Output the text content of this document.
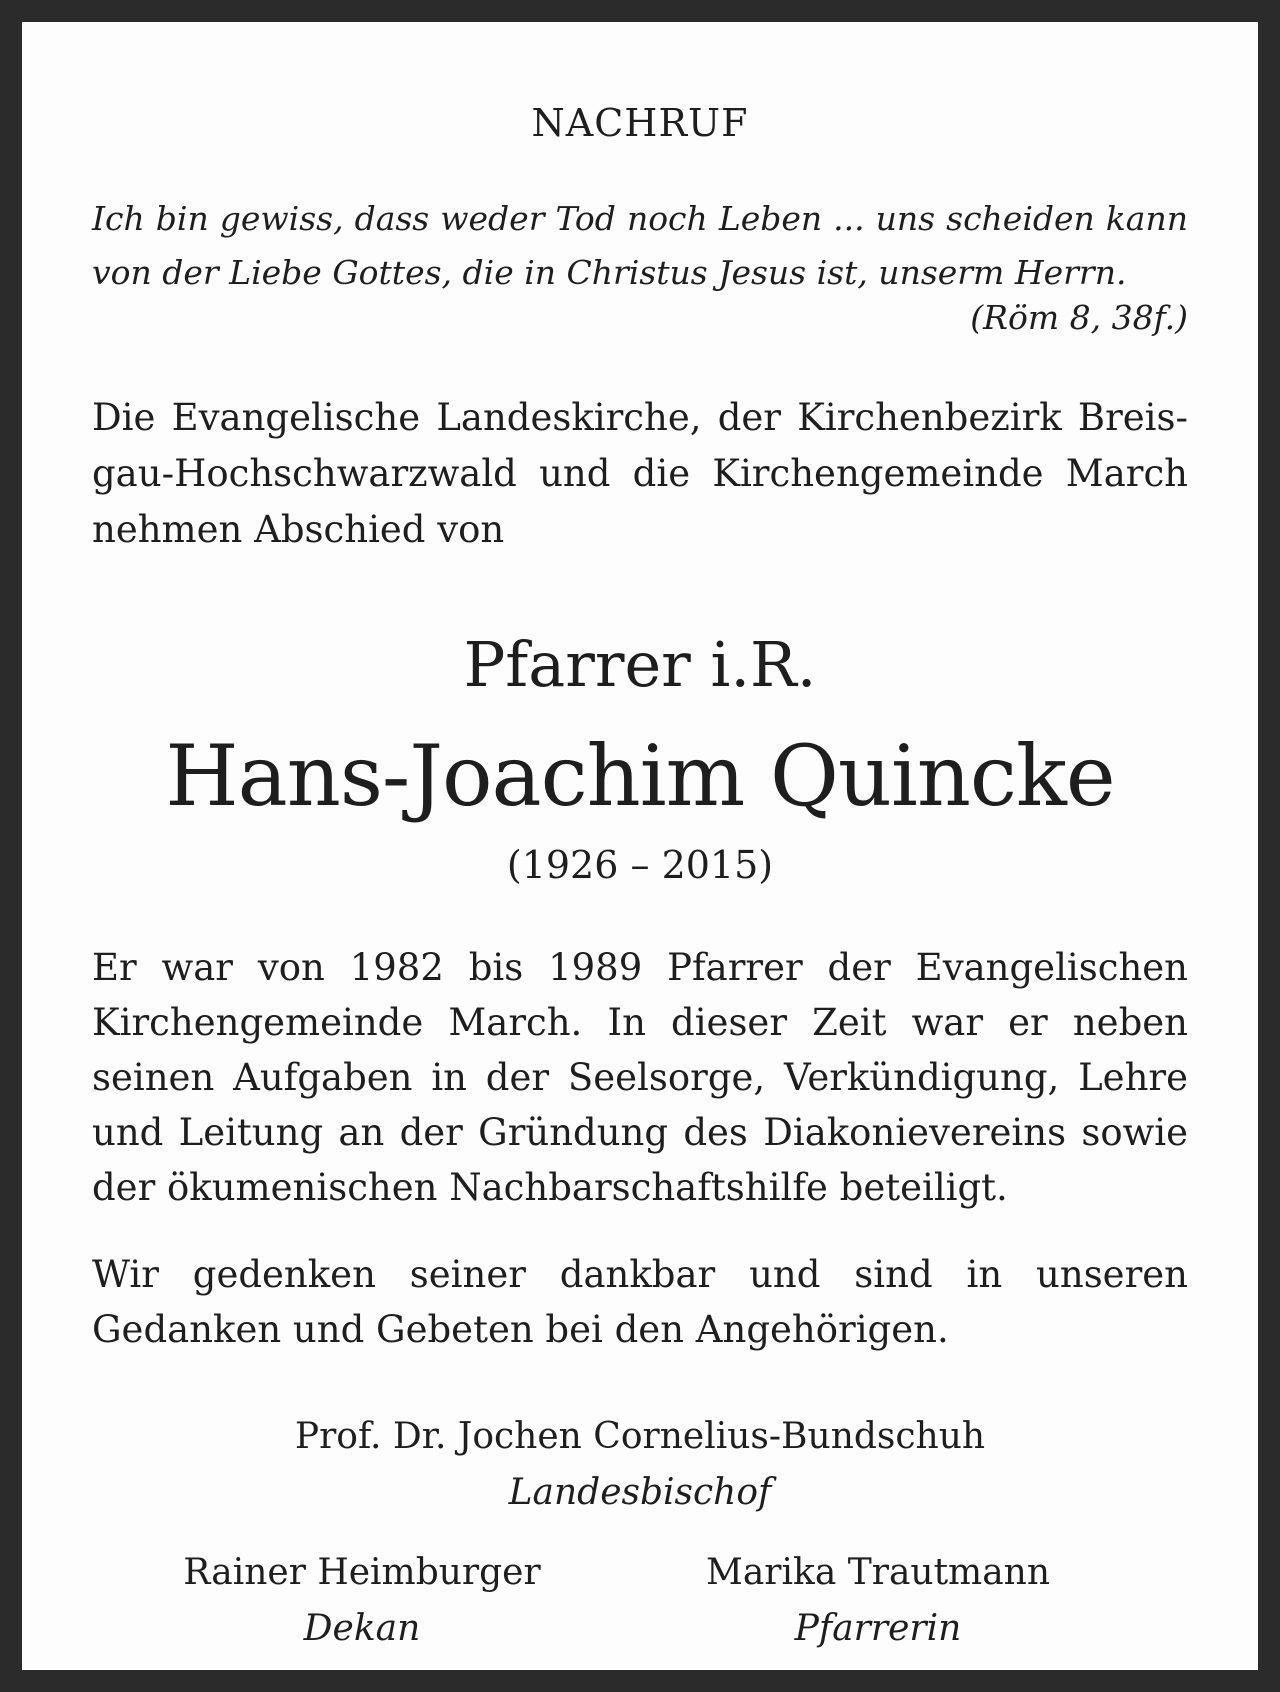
NACHRUF
Ich bin gewiss, dass weder Tod noch Leben ... uns scheiden kann
von der Liebe Gottes, die in Christus Jesus ist, unserm Herrn.
(Röm 8, 38f.)
Die Evangelische Landeskirche, der Kirchenbezirk Breis-
gau-Hochschwarzwald und die Kirchengemeinde March
nehmen Abschied von
Pfarrer i.R.
Hans-Joachim Quincke
(1926 – 2015)
Er war von 1982 bis 1989 Pfarrer der Evangelischen
Kirchengemeinde March. In dieser Zeit war er neben
seinen Aufgaben in der Seelsorge, Verkündigung, Lehre
und Leitung an der Gründung des Diakonievereins sowie
der ökumenischen Nachbarschaftshilfe beteiligt.
Wir gedenken seiner dankbar und sind in unseren
Gedanken und Gebeten bei den Angehörigen.
Prof. Dr. Jochen Cornelius-Bundschuh
Landesbischof
Rainer Heimburger
Dekan
Marika Trautmann
Pfarrerin
